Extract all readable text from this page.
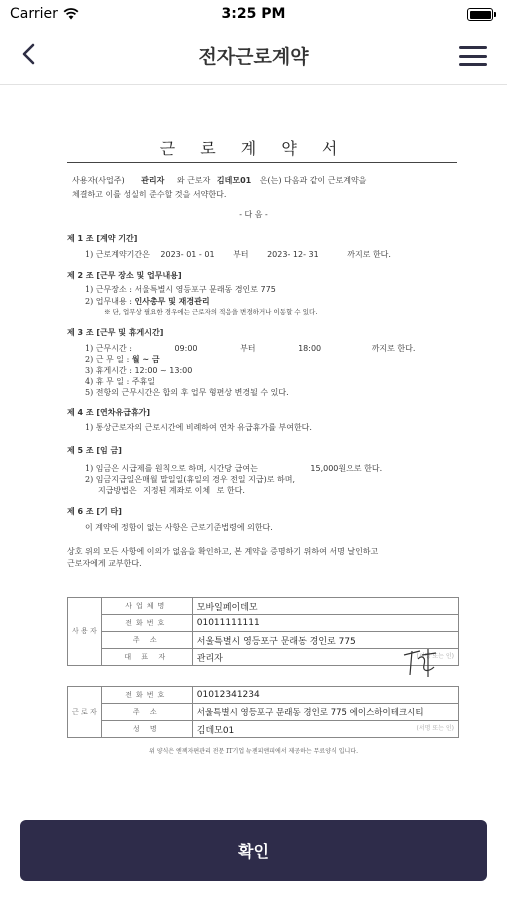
Carrier	3:25 PM
전자근로계약
근 로 계 약 서
사용자(사업주) 관리자 와 근로자 김데모01 은(는) 다음과 같이 근로계약을
체결하고 이를 성실히 준수할 것을 서약한다.
- 다 음 -
제 1 조 [계약 기간]
1) 근로계약기간은 2023- 01 - 01 부터 2023- 12- 31	까지로 한다.
제 2 조 [근무 장소 및 업무내용]
1) 근무장소 : 서울특별시 영등포구 문래동 경인로 775
2) 업무내용 : 인사총무 및 재경관리
※ 단, 업무상 필요한 경우에는 근로자의 적응을 변경하거나 이동할 수 있다.
제 3 조 [근무 및 휴게시간]
1) 근무시간 :	09:00	부터	18:00	까지로 한다.
2) 근 무 일 : 월 ~ 금
3) 휴게시간 : 12:00 ~ 13:00
4) 휴 무 일 : 주휴일
5) 전항의 근무시간은 합의 후 업무 형편상 변경될 수 있다.
제 4 조 [연차유급휴가]
1) 통상근로자의 근로시간에 비례하여 연차 유급휴가를 부여한다.
제 5 조 [임 금]
1) 임금은 시급제를 원칙으로 하며, 시간당 급여는	15,000원으로 한다.
2) 임금지급일은매월 말일일(휴일의 경우 전일 지급)로 하며,
지급방법은 지정된 계좌로 이체 로 한다.
제 6 조 [기 타]
이 계약에 정함이 없는 사항은 근로기준법령에 의한다.
상호 위의 모든 사항에 이의가 없음을 확인하고, 본 계약을 증명하기 위하여 서명 날인하고
근로자에게 교부한다.
사 용 자	사업체명	모바일페이데모
	전화번호	01011111111
	주 소	서울특별시 영등포구 문래동 경인로 775
	대 표 자	관리자 (서명 또는 인)
근 로 자	전화번호	01012341234
	주 소	서울특별시 영등포구 문래동 경인로 775 에이스하이테크시티
	성 명	김데모01 (서명 또는 인)
위 양식은 엔젝자편관리 전문 IT기업 뉴젠피앤피에서 제공하는 무료양식 입니다.
확인
